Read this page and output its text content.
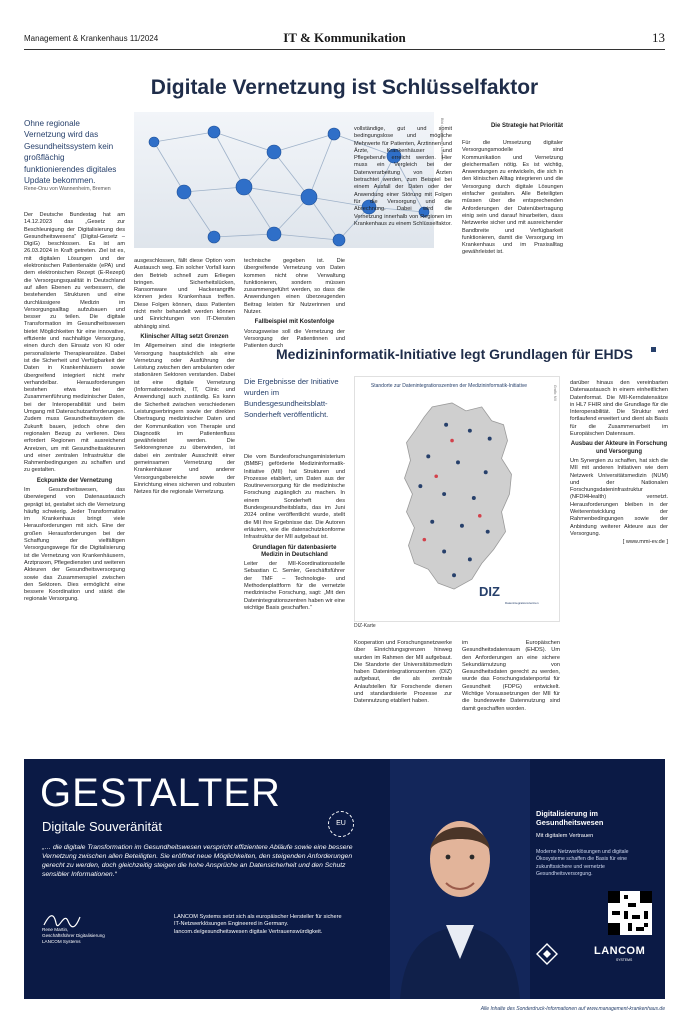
Management & Krankenhaus 11/2024	IT & Kommunikation	13
Digitale Vernetzung ist Schlüsselfaktor
Ohne regionale Vernetzung wird das Gesundheitssystem kein großflächig funktionierendes digitales Update bekommen.
Rene-Onu von Wannenheim, Bremen
Bild © Alexander Limbach

Der Deutsche Bundestag hat am 14.12.2023 das „Gesetz zur Beschleunigung der Digitalisierung des Gesundheitswesens“ (Digital-Gesetz – DigiG) beschlossen. Es ist am 26.03.2024 in Kraft getreten. Ziel ist es, mit digitalen Lösungen und der elektronischen Patientenakte (ePA) und dem elektronischen Rezept (E-Rezept) die Versorgungsqualität in Deutschland auf allen Ebenen zu verbessern, die bestehenden Strukturen und eine durchlässigere Medizin im Versorgungsalltag aufzubauen und besser zu teilen. Die digitale Transformation im Gesundheitswesen bietet Möglichkeiten für eine innovative, effiziente und nachhaltige Versorgung, einen durch den Einsatz von KI oder personalisierte Therapieansätze. Dabei ist die Sicherheit und Verfügbarkeit der Daten in Krankenhäusern sowie übergreifend integriert nicht mehr verhandelbar. Herausforderungen bestehen etwa bei der Zusammenführung medizinischer Daten, bei der Interoperabilität und beim Umgang mit Datenschutzanforderungen. Zudem muss Gesundheitssystem die Zukunft bauen, jedoch ohne den regionalen Bezug zu verlieren. Dies erfordert Regionen mit ausreichend Anreizen, um mit Gesundheitsakteuren und einer zentralen Infrastruktur die Rahmenbedingungen zu schaffen und zu gestalten.

Eckpunkte der Vernetzung

Im Gesundheitswesen, das überwiegend von Datenaustausch geprägt ist, gestaltet sich die Vernetzung häufig schwierig. Jeder Transformation im Krankenhaus bringt viele Herausforderungen mit sich. Eine der großen Herausforderungen bei der Schaffung der vielfältigen Versorgungswege für die Digitalisierung ist die Vernetzung von Krankenhäusern, Arztpraxen, Pflegediensten und weiteren Akteuren der Gesundheitsversorgung sowie das Zusammenspiel zwischen den Sektoren. Dies ermöglicht eine bessere Koordination und stärkt die regionale Versorgung.

ausgeschlossen, fällt diese Option vom Austausch weg. Ein solcher Vorfall kann den Betrieb schnell zum Erliegen bringen. Sicherheitslücken, Ransomware und Hackerangriffe können jedes Krankenhaus treffen. Diese Folgen können, dass Patienten nicht mehr behandelt werden können und Einrichtungen von IT-Diensten abhängig sind.

Klinischer Alltag setzt Grenzen

Im Allgemeinen sind die integrierte Versorgung hauptsächlich als eine Vernetzung oder Ausführung der Leistung zwischen den ambulanten oder stationären Sektoren verstanden. Dabei ist eine digitale Vernetzung (Informationstechnik, IT, Clinic und Anwendung) auch zuständig. Es kann die Sicherheit zwischen verschiedenen Leistungserbringern sowie der direkten Übertragung medizinischer Daten und der Kommunikation von Therapie und Diagnostik im Patientenfluss gewährleistet werden. Die Sektorengrenze zu überwinden, ist dabei ein zentraler Ausschnitt einer gemeinsamen Vernetzung der Krankenhäuser und anderer Versorgungsbereiche sowie der Einrichtung eines sicheren und robusten Netzes für die regionale Vernetzung.

technische gegeben ist. Die übergreifende Vernetzung von Daten kommen nicht ohne Verwaltung funktionieren, sondern müssen zusammengeführt werden, so dass die Anwendungen einen überzeugenden Beitrag leisten für Nutzerinnen und Nutzer.

Fallbeispiel mit Kostenfolge

Vorzugsweise soll die Vernetzung der Versorgung der Patientinnen und Patienten durch

vollständige, gut und somit bedingungslose und mögliche Mehrwerte für Patienten, Ärztinnen und Ärzte, Krankenhäuser und Pflegeberufe erreicht werden. Hier muss ein Vergleich bei der Datenverarbeitung von Ärzten betrachtet werden, zum Beispiel bei einem Ausfall der Daten oder der Anwendung einer Störung mit Folgen für die Versorgung und die Abrechnung. Dabei wird die Vernetzung innerhalb von Regionen im Krankenhaus zu einem Schlüsselfaktor.

Die Strategie hat Priorität

Für die Umsetzung digitaler Versorgungsmodelle sind Kommunikation und Vernetzung gleichermaßen nötig. Es ist wichtig, Anwendungen zu entwickeln, die sich in den klinischen Alltag integrieren und die Versorgung durch digitale Lösungen einfacher gestalten. Alle Beteiligten müssen über die entsprechenden Anforderungen der Datenübertragung einig sein und darauf hinarbeiten, dass Netzwerke sicher und mit ausreichender Bandbreite und Verfügbarkeit funktionieren, damit die Versorgung im Krankenhaus und im Praxisalltag gewährleistet ist.

Medizininformatik-Initiative legt Grundlagen für EHDS
Die Ergebnisse der Initiative wurden im Bundesgesundheitsblatt-Sonderheft veröffentlicht.

Die vom Bundesforschungsministerium (BMBF) geförderte Medizininformatik-Initiative (MII) hat Strukturen und Prozesse etabliert, um Daten aus der Routineversorgung für die medizinische Forschung zugänglich zu machen. In einem Sonderheft des Bundesgesundheitsblatts, das im Juni 2024 online veröffentlicht wurde, stellt die MII ihre Ergebnisse dar. Die Autoren erläutern, wie die datenschutzkonforme Infrastruktur der MII aufgebaut ist.

Grundlagen für datenbasierte Medizin in Deutschland

Leiter der MII-Koordinationsstelle Sebastian C. Semler, Geschäftsführer der TMF – Technologie- und Methodenplattform für die vernetzte medizinische Forschung, sagt: „Mit den Datenintegrationszentren haben wir eine wichtige Basis geschaffen.“

Standorte zur Datenintegrationszentren der Medizininformatik-Initiative	Grafik: MII
DIZ
Datenintegrationszentren
DIZ-Karte

Kooperation und Forschungsnetzwerke über Einrichtungsgrenzen hinweg wurden im Rahmen der MII aufgebaut. Die Standorte der Universitätsmedizin haben Datenintegrationszentren (DIZ) aufgebaut, die als zentrale Anlaufstellen für Forschende dienen und standardisierte Prozesse zur Datennutzung etabliert haben.

im Europäischen Gesundheitsdatenraum (EHDS). Um den Anforderungen an eine sichere Sekundärnutzung von Gesundheitsdaten gerecht zu werden, wurde das Forschungsdatenportal für Gesundheit (FDPG) entwickelt. Wichtige Voraussetzungen der MII für die bundesweite Datennutzung sind damit geschaffen worden.

darüber hinaus den vereinbarten Datenaustausch in einem einheitlichen Datenformat. Die MII-Kerndatensätze in HL7 FHIR sind die Grundlage für die Interoperabilität. Die Struktur wird fortlaufend erweitert und dient als Basis für die Zusammenarbeit im Europäischen Datenraum.

Ausbau der Akteure in Forschung und Versorgung

Um Synergien zu schaffen, hat sich die MII mit anderen Initiativen wie dem Netzwerk Universitätsmedizin (NUM) und der Nationalen Forschungsdateninfrastruktur (NFDI4Health) vernetzt. Herausforderungen bleiben in der Weiterentwicklung der Rahmenbedingungen sowie der Anbindung weiterer Akteure aus der Versorgung.

[ www.mmi-ev.de ]

GESTALTER
Digitale Souveränität	EU
„… die digitale Transformation im Gesundheitswesen verspricht effizientere Abläufe sowie eine bessere Vernetzung zwischen allen Beteiligten. Sie eröffnet neue Möglichkeiten, den steigenden Anforderungen gerecht zu werden, doch gleichzeitig steigen die hohe Ansprüche an Datensicherheit und den Schutz sensibler Informationen.“
Rene Martin,
Geschäftsführer Digitalisierung
LANCOM Systems
LANCOM Systems setzt sich als europäischer Hersteller für sichere IT-Netzwerklösungen Engineered in Germany. lancom.de/gesundheitswesen digitale Vertrauenswürdigkeit.
Digitalisierung im Gesundheitswesen
Mit digitalem Vertrauen
Moderne Netzwerklösungen und digitale Ökosysteme schaffen die Basis für eine zukunftssichere und vernetzte Gesundheitsversorgung.
LANCOM
SYSTEMS
Alle Inhalte des Sonderdruck-Informationen auf www.management-krankenhaus.de
